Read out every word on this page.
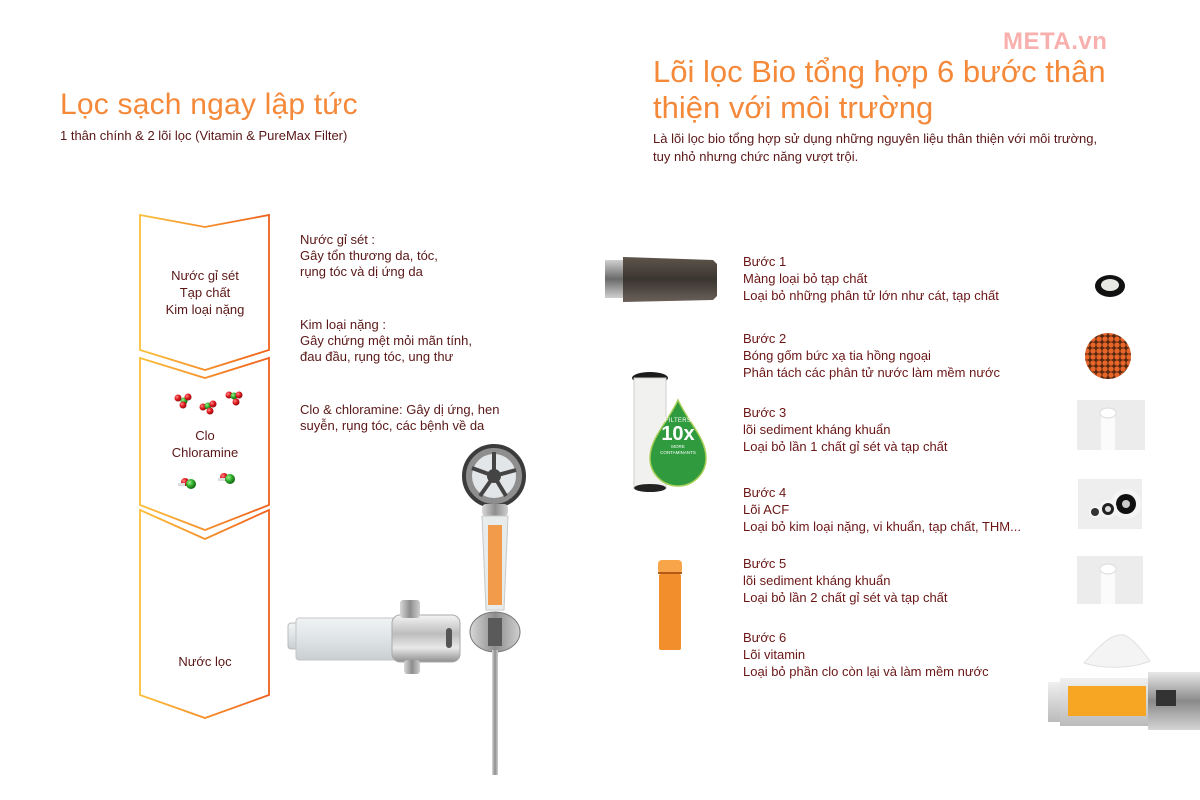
META.vn
Lọc sạch ngay lập tức
1 thân chính & 2 lõi lọc (Vitamin & PureMax Filter)
Lõi lọc Bio tổng hợp 6 bước thân
thiện với môi trường
Là lõi lọc bio tổng hợp sử dụng những nguyên liệu thân thiện với môi trường,
tuy nhỏ nhưng chức năng vượt trội.
Nước gỉ sét
Tạp chất
Kim loại nặng
Clo
Chloramine
Nước lọc
Nước gỉ sét :
Gây tổn thương da, tóc,
rụng tóc và dị ứng da
Kim loại nặng :
Gây chứng mệt mỏi mãn tính,
đau đầu, rụng tóc, ung thư
Clo & chloramine: Gây dị ứng, hen
suyễn, rụng tóc, các bệnh về da	FILTERS
10x
MORE
CONTAMINANTS
Bước 1
Màng loại bỏ tạp chất
Loại bỏ những phân tử lớn như cát, tạp chất
Bước 2
Bóng gốm bức xạ tia hồng ngoại
Phân tách các phân tử nước làm mềm nước
Bước 3
lõi sediment kháng khuẩn
Loại bỏ lần 1 chất gỉ sét và tạp chất
Bước 4
Lõi ACF
Loại bỏ kim loại nặng, vi khuẩn, tạp chất, THM...
Bước 5
lõi sediment kháng khuẩn
Loại bỏ lần 2 chất gỉ sét và tạp chất
Bước 6
Lõi vitamin
Loại bỏ phần clo còn lại và làm mềm nước
